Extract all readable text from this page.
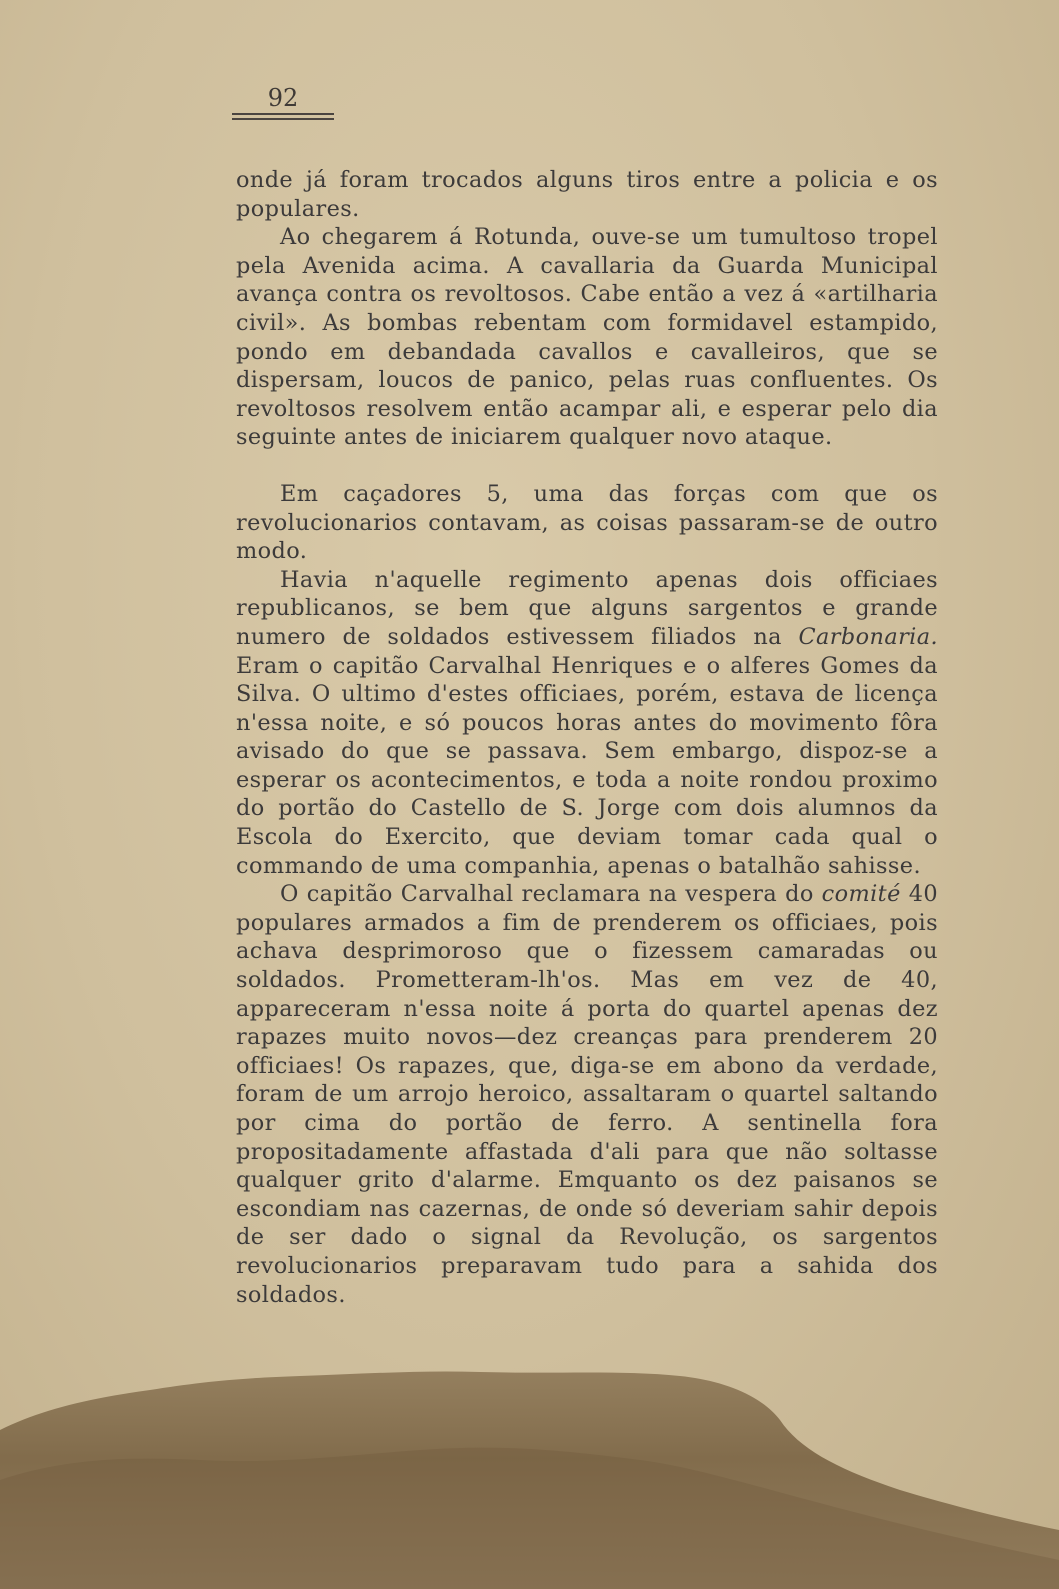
92

onde já foram trocados alguns tiros entre a policia e os populares.

Ao chegarem á Rotunda, ouve-se um tumultoso tropel pela Avenida acima. A cavallaria da Guarda Municipal avança contra os revoltosos. Cabe então a vez á «artilharia civil». As bombas rebentam com formidavel estampido, pondo em debandada cavallos e cavalleiros, que se dispersam, loucos de panico, pelas ruas confluentes. Os revoltosos resolvem então acampar ali, e esperar pelo dia seguinte antes de iniciarem qualquer novo ataque.

Em caçadores 5, uma das forças com que os revolucionarios contavam, as coisas passaram-se de outro modo.

Havia n'aquelle regimento apenas dois officiaes republicanos, se bem que alguns sargentos e grande numero de soldados estivessem filiados na Carbonaria. Eram o capitão Carvalhal Henriques e o alferes Gomes da Silva. O ultimo d'estes officiaes, porém, estava de licença n'essa noite, e só poucos horas antes do movimento fôra avisado do que se passava. Sem embargo, dispoz-se a esperar os acontecimentos, e toda a noite rondou proximo do portão do Castello de S. Jorge com dois alumnos da Escola do Exercito, que deviam tomar cada qual o commando de uma companhia, apenas o batalhão sahisse.

O capitão Carvalhal reclamara na vespera do comité 40 populares armados a fim de prenderem os officiaes, pois achava desprimoroso que o fizessem camaradas ou soldados. Prometteram-lh'os. Mas em vez de 40, appareceram n'essa noite á porta do quartel apenas dez rapazes muito novos—dez creanças para prenderem 20 officiaes! Os rapazes, que, diga-se em abono da verdade, foram de um arrojo heroico, assaltaram o quartel saltando por cima do portão de ferro. A sentinella fora propositadamente affastada d'ali para que não soltasse qualquer grito d'alarme. Emquanto os dez paisanos se escondiam nas cazernas, de onde só deveriam sahir depois de ser dado o signal da Revolução, os sargentos revolucionarios preparavam tudo para a sahida dos soldados.
